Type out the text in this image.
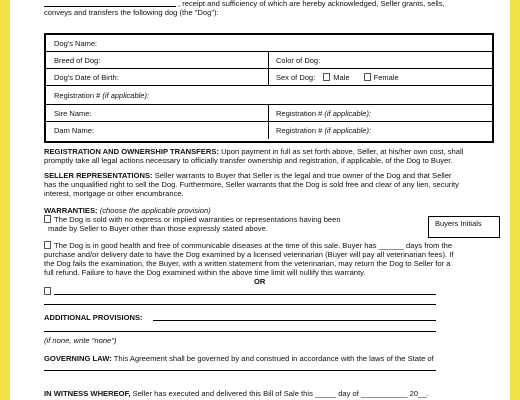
, receipt and sufficiency of which are hereby acknowledged, Seller grants, sells,
conveys and transfers the following dog (the "Dog"):
Dog's Name:
Breed of Dog:	Color of Dog:
Dog's Date of Birth:	Sex of Dog: Male	Female
Registration # (if applicable):
Sire Name:	Registration # (if applicable):
Dam Name:	Registration # (if applicable):
REGISTRATION AND OWNERSHIP TRANSFERS: Upon payment in full as set forth above, Seller, at his/her own cost, shall
promptly take all legal actions necessary to officially transfer ownership and registration, if applicable, of the Dog to Buyer.
SELLER REPRESENTATIONS: Seller warrants to Buyer that Seller is the legal and true owner of the Dog and that Seller
has the unqualified right to sell the Dog. Furthermore, Seller warrants that the Dog is sold free and clear of any lien, security
interest, mortgage or other encumbrance.
WARRANTIES: (choose the applicable provision)
Buyers Initials
The Dog is sold with no express or implied warranties or representations having been
made by Seller to Buyer other than those expressly stated above.
The Dog is in good health and free of communicable diseases at the time of this sale. Buyer has ______ days from the
purchase and/or delivery date to have the Dog examined by a licensed veterinarian (Buyer will pay all veterinarian fees). If
the Dog fails the examination, the Buyer, with a written statement from the veterinarian, may return the Dog to Seller for a
full refund. Failure to have the Dog examined within the above time limit will nullify this warranty.
OR
ADDITIONAL PROVISIONS:
(if none, write "none")
GOVERNING LAW: This Agreement shall be governed by and construed in accordance with the laws of the State of
IN WITNESS WHEREOF, Seller has executed and delivered this Bill of Sale this _____ day of ___________ 20__.
